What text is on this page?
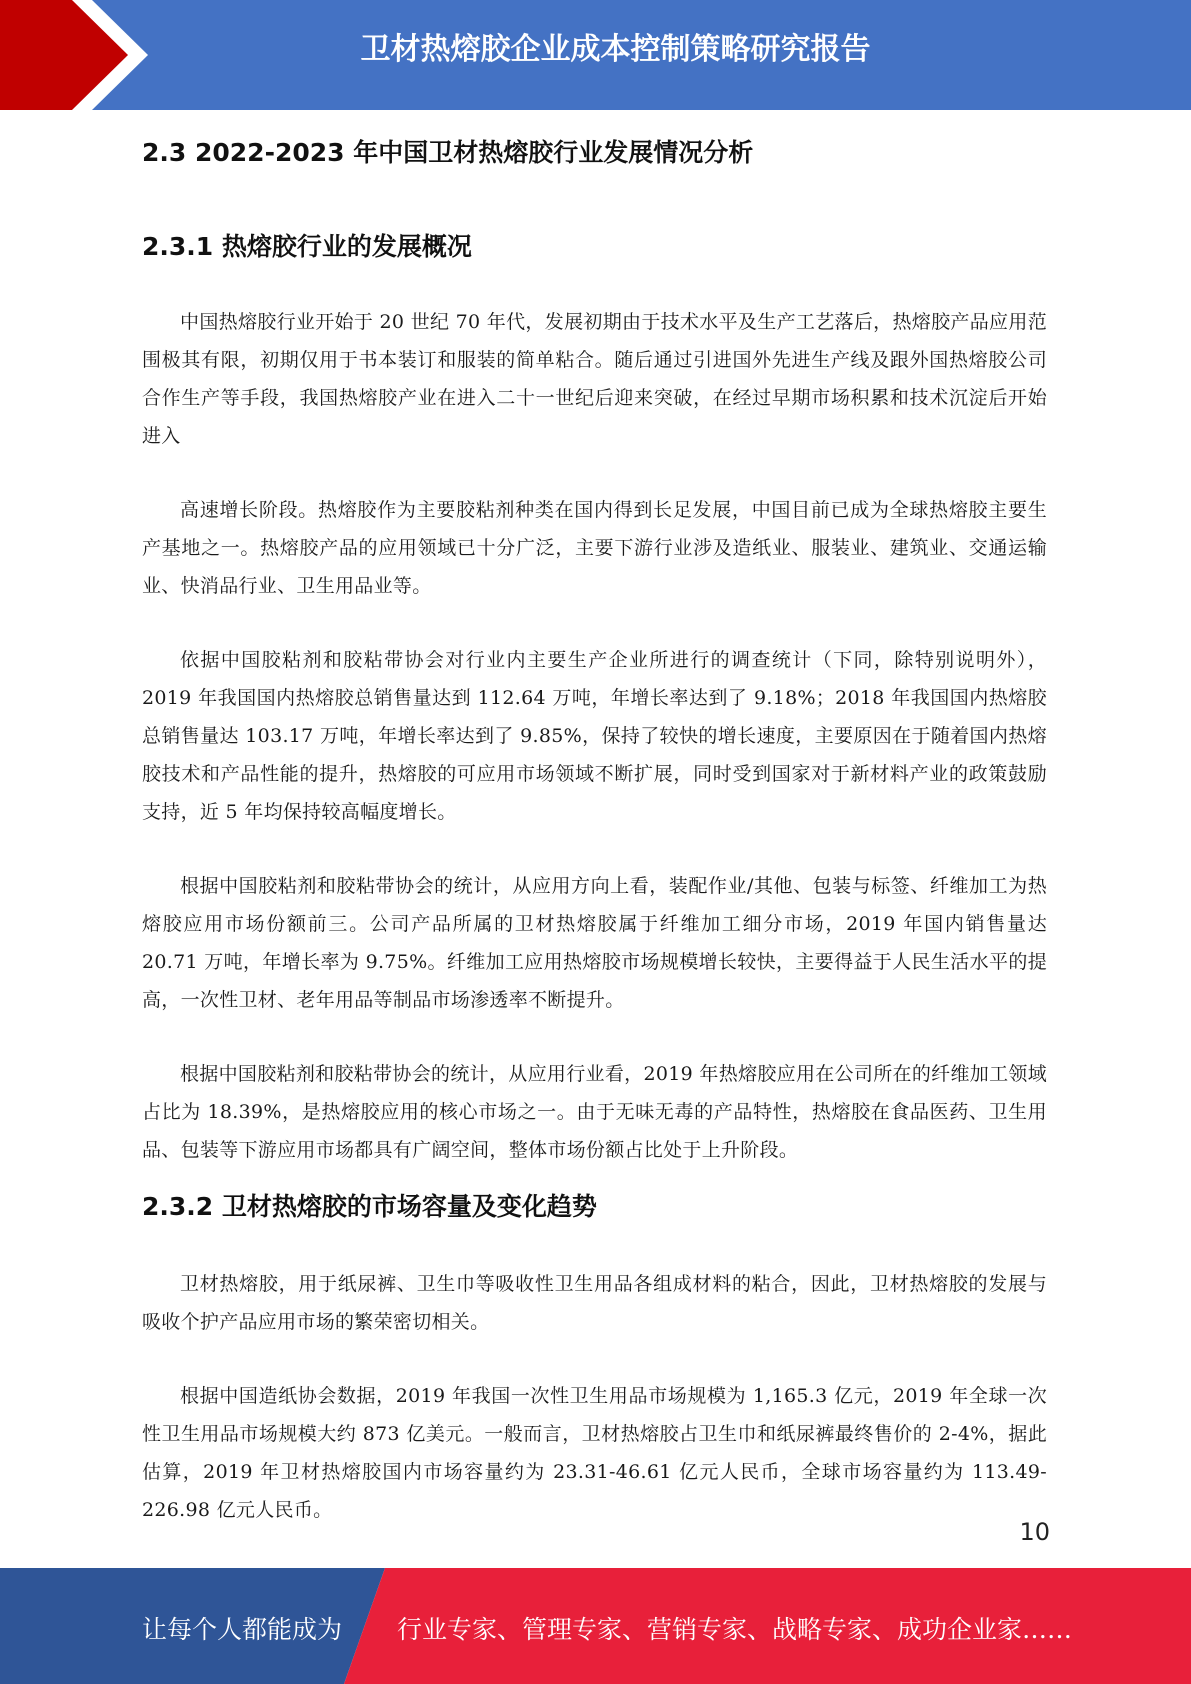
卫材热熔胶企业成本控制策略研究报告
2.3 2022-2023 年中国卫材热熔胶行业发展情况分析
2.3.1 热熔胶行业的发展概况

中国热熔胶行业开始于 20 世纪 70 年代，发展初期由于技术水平及生产工艺落后，热熔胶产品应用范围极其有限，初期仅用于书本装订和服装的简单粘合。随后通过引进国外先进生产线及跟外国热熔胶公司合作生产等手段，我国热熔胶产业在进入二十一世纪后迎来突破，在经过早期市场积累和技术沉淀后开始进入

高速增长阶段。热熔胶作为主要胶粘剂种类在国内得到长足发展，中国目前已成为全球热熔胶主要生产基地之一。热熔胶产品的应用领域已十分广泛，主要下游行业涉及造纸业、服装业、建筑业、交通运输业、快消品行业、卫生用品业等。

依据中国胶粘剂和胶粘带协会对行业内主要生产企业所进行的调查统计（下同，除特别说明外），2019 年我国国内热熔胶总销售量达到 112.64 万吨，年增长率达到了 9.18%；2018 年我国国内热熔胶总销售量达 103.17 万吨，年增长率达到了 9.85%，保持了较快的增长速度，主要原因在于随着国内热熔胶技术和产品性能的提升，热熔胶的可应用市场领域不断扩展，同时受到国家对于新材料产业的政策鼓励支持，近 5 年均保持较高幅度增长。

根据中国胶粘剂和胶粘带协会的统计，从应用方向上看，装配作业/其他、包装与标签、纤维加工为热熔胶应用市场份额前三。公司产品所属的卫材热熔胶属于纤维加工细分市场，2019 年国内销售量达 20.71 万吨，年增长率为 9.75%。纤维加工应用热熔胶市场规模增长较快，主要得益于人民生活水平的提高，一次性卫材、老年用品等制品市场渗透率不断提升。

根据中国胶粘剂和胶粘带协会的统计，从应用行业看，2019 年热熔胶应用在公司所在的纤维加工领域占比为 18.39%，是热熔胶应用的核心市场之一。由于无味无毒的产品特性，热熔胶在食品医药、卫生用品、包装等下游应用市场都具有广阔空间，整体市场份额占比处于上升阶段。

2.3.2 卫材热熔胶的市场容量及变化趋势

卫材热熔胶，用于纸尿裤、卫生巾等吸收性卫生用品各组成材料的粘合，因此，卫材热熔胶的发展与吸收个护产品应用市场的繁荣密切相关。

根据中国造纸协会数据，2019 年我国一次性卫生用品市场规模为 1,165.3 亿元，2019 年全球一次性卫生用品市场规模大约 873 亿美元。一般而言，卫材热熔胶占卫生巾和纸尿裤最终售价的 2-4%，据此估算，2019 年卫材热熔胶国内市场容量约为 23.31-46.61 亿元人民币，全球市场容量约为 113.49-226.98 亿元人民币。

10
让每个人都能成为 行业专家、管理专家、营销专家、战略专家、成功企业家……
